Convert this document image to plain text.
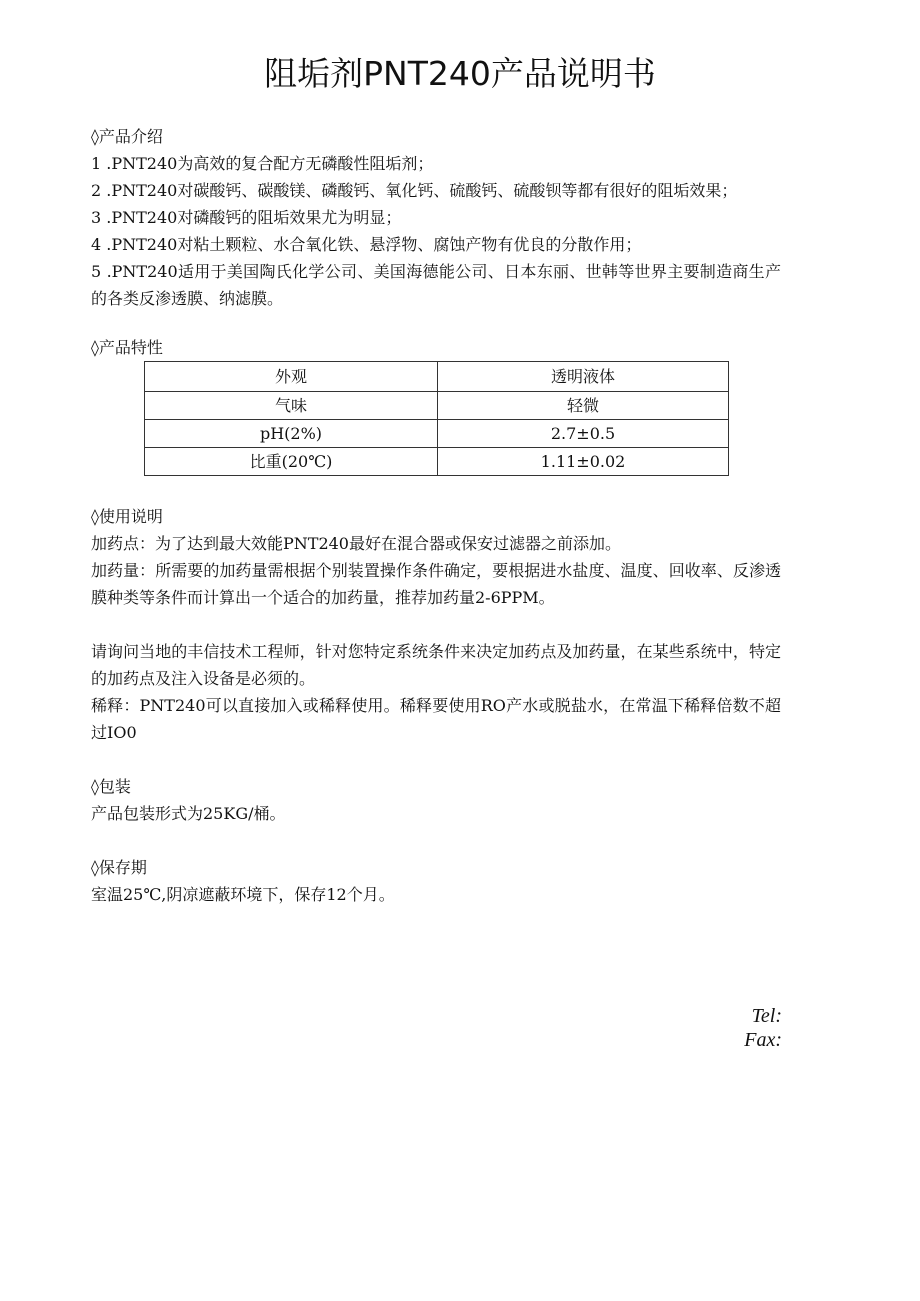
阻垢剂PNT240产品说明书

◊产品介绍

1 .PNT240为高效的复合配方无磷酸性阻垢剂；

2 .PNT240对碳酸钙、碳酸镁、磷酸钙、氧化钙、硫酸钙、硫酸钡等都有很好的阻垢效果；

3 .PNT240对磷酸钙的阻垢效果尤为明显；

4 .PNT240对粘土颗粒、水合氧化铁、悬浮物、腐蚀产物有优良的分散作用；

5 .PNT240适用于美国陶氏化学公司、美国海德能公司、日本东丽、世韩等世界主要制造商生产的各类反渗透膜、纳滤膜。

◊产品特性

外观	透明液体
气味	轻微
pH(2%)	2.7±0.5
比重(20℃)	1.11±0.02

◊使用说明

加药点：为了达到最大效能PNT240最好在混合器或保安过滤器之前添加。

加药量：所需要的加药量需根据个别装置操作条件确定，要根据进水盐度、温度、回收率、反渗透膜种类等条件而计算出一个适合的加药量，推荐加药量2-6PPM。

请询问当地的丰信技术工程师，针对您特定系统条件来决定加药点及加药量，在某些系统中，特定的加药点及注入设备是必须的。

稀释：PNT240可以直接加入或稀释使用。稀释要使用RO产水或脱盐水，在常温下稀释倍数不超过IO0

◊包装

产品包装形式为25KG/桶。

◊保存期

室温25℃,阴凉遮蔽环境下，保存12个月。

Tel:
Fax:
